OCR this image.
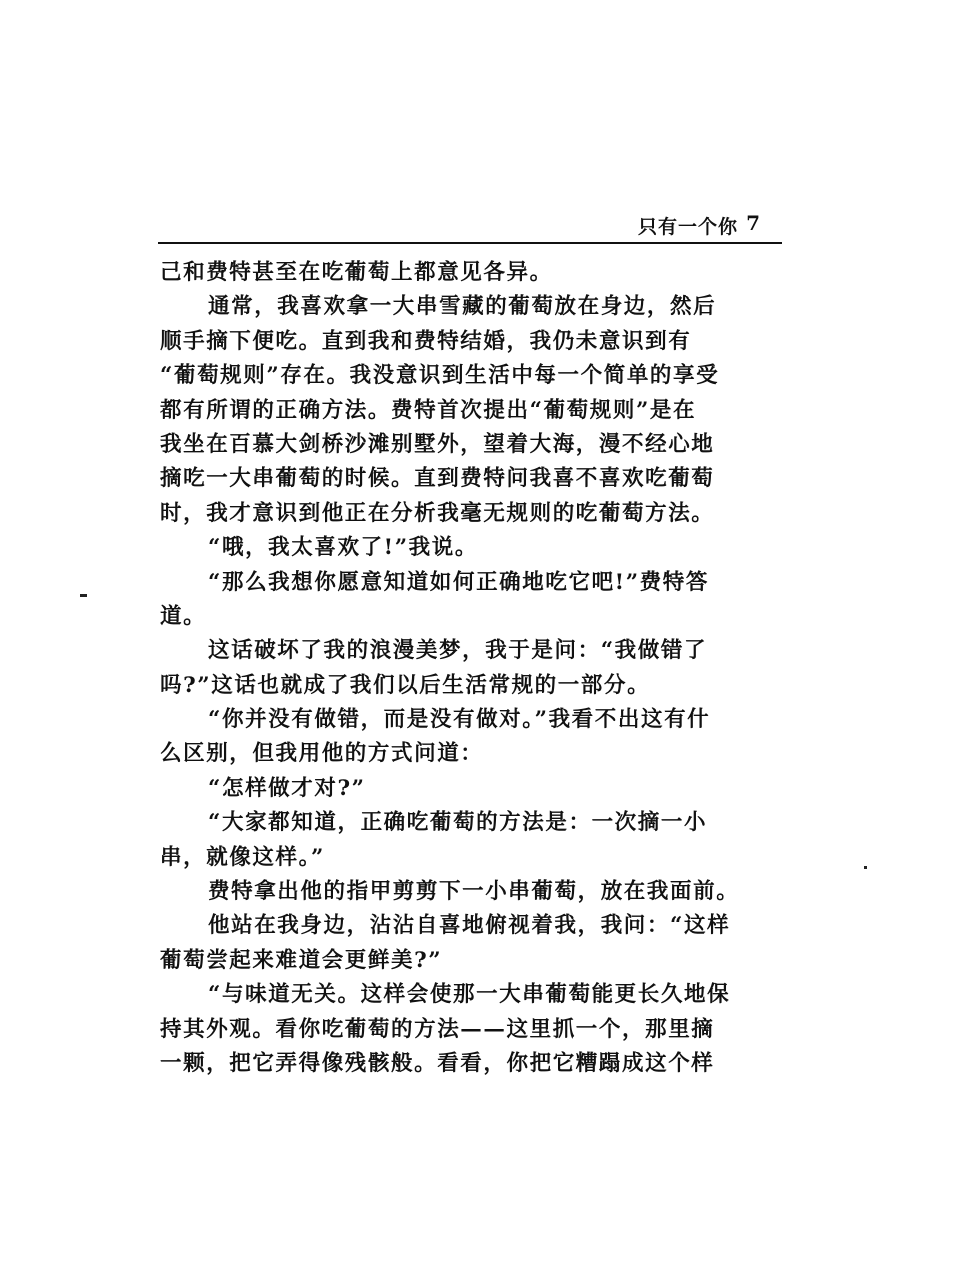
只有一个你 7
己和费特甚至在吃葡萄上都意见各异。
通常，我喜欢拿一大串雪藏的葡萄放在身边，然后
顺手摘下便吃。直到我和费特结婚，我仍未意识到有
“葡萄规则”存在。我没意识到生活中每一个简单的享受
都有所谓的正确方法。费特首次提出“葡萄规则”是在
我坐在百慕大剑桥沙滩别墅外，望着大海，漫不经心地
摘吃一大串葡萄的时候。直到费特问我喜不喜欢吃葡萄
时，我才意识到他正在分析我毫无规则的吃葡萄方法。
“哦，我太喜欢了!”我说。
“那么我想你愿意知道如何正确地吃它吧!”费特答
道。
这话破坏了我的浪漫美梦，我于是问：“我做错了
吗?”这话也就成了我们以后生活常规的一部分。
“你并没有做错，而是没有做对。”我看不出这有什
么区别，但我用他的方式问道：
“怎样做才对?”
“大家都知道，正确吃葡萄的方法是：一次摘一小
串，就像这样。”
费特拿出他的指甲剪剪下一小串葡萄，放在我面前。
他站在我身边，沾沾自喜地俯视着我，我问：“这样
葡萄尝起来难道会更鲜美?”
“与味道无关。这样会使那一大串葡萄能更长久地保
持其外观。看你吃葡萄的方法——这里抓一个，那里摘
一颗，把它弄得像残骸般。看看，你把它糟蹋成这个样
